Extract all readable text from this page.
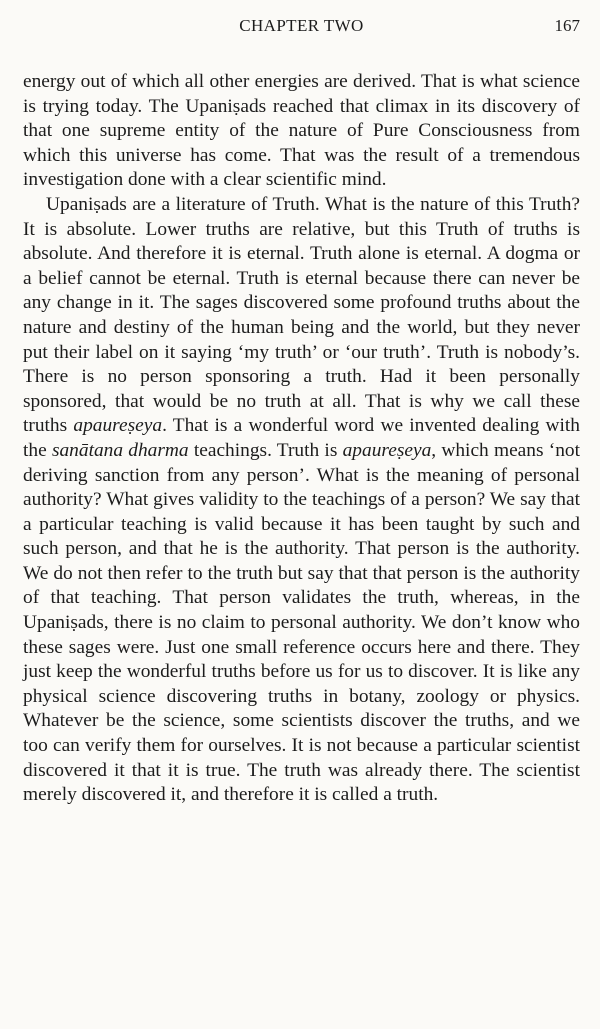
CHAPTER TWO	167

energy out of which all other energies are derived. That is what science is trying today. The Upaniṣads reached that climax in its discovery of that one supreme entity of the nature of Pure Consciousness from which this universe has come. That was the result of a tremendous investigation done with a clear scientific mind.

Upaniṣads are a literature of Truth. What is the nature of this Truth? It is absolute. Lower truths are relative, but this Truth of truths is absolute. And therefore it is eternal. Truth alone is eternal. A dogma or a belief cannot be eternal. Truth is eternal because there can never be any change in it. The sages discovered some profound truths about the nature and destiny of the human being and the world, but they never put their label on it saying ‘my truth’ or ‘our truth’. Truth is nobody’s. There is no person sponsoring a truth. Had it been personally sponsored, that would be no truth at all. That is why we call these truths apaureṣeya. That is a wonderful word we invented dealing with the sanātana dharma teachings. Truth is apaureṣeya, which means ‘not deriving sanction from any person’. What is the meaning of personal authority? What gives validity to the teachings of a person? We say that a particular teaching is valid because it has been taught by such and such person, and that he is the authority. That person is the authority. We do not then refer to the truth but say that that person is the authority of that teaching. That person validates the truth, whereas, in the Upaniṣads, there is no claim to personal authority. We don’t know who these sages were. Just one small reference occurs here and there. They just keep the wonderful truths before us for us to discover. It is like any physical science discovering truths in botany, zoology or physics. Whatever be the science, some scientists discover the truths, and we too can verify them for ourselves. It is not because a particular scientist discovered it that it is true. The truth was already there. The scientist merely discovered it, and therefore it is called a truth.
